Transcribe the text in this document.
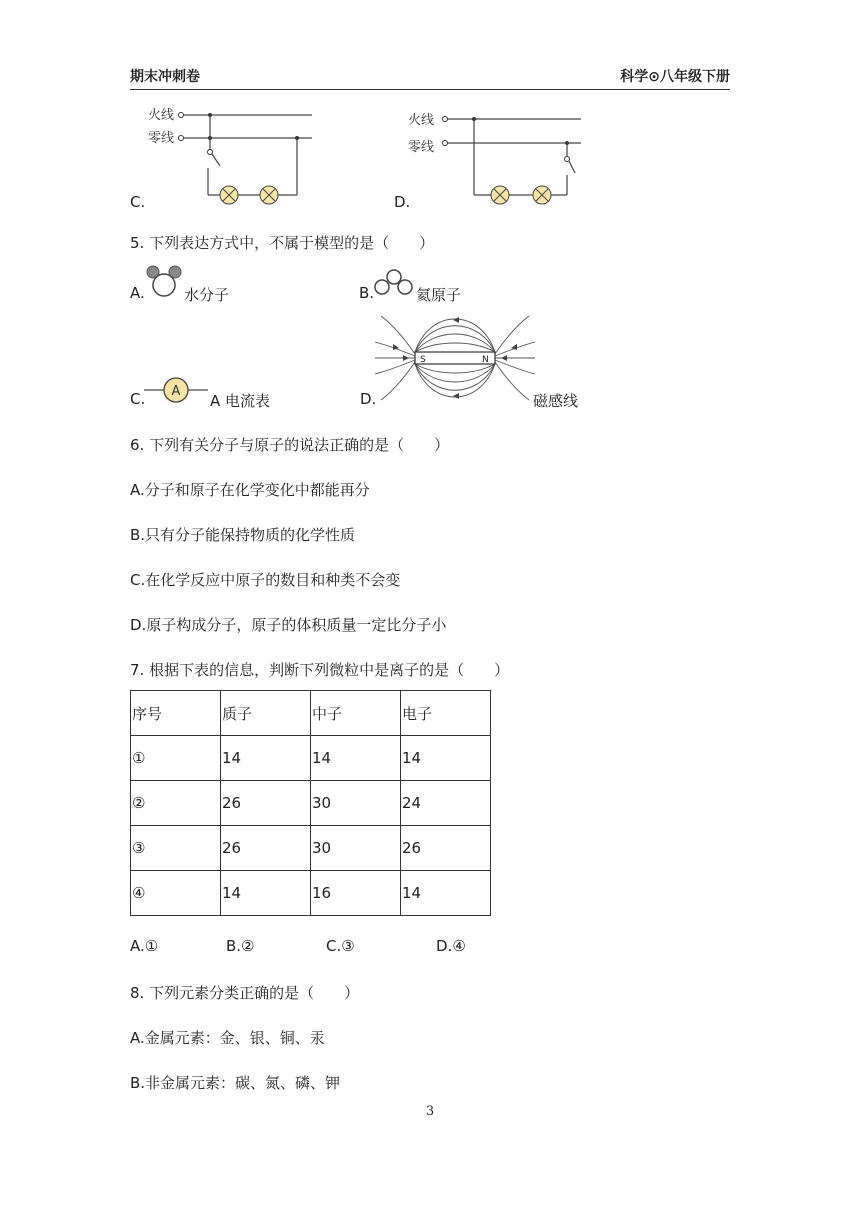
期末冲刺卷	科学⊙八年级下册
C.
火线
零线
D.
火线
零线
5. 下列表达方式中，不属于模型的是（　　）
A.	水分子	B.	氦原子
C. A
A 电流表	D.
S	N
磁感线
6. 下列有关分子与原子的说法正确的是（　　）
A.分子和原子在化学变化中都能再分
B.只有分子能保持物质的化学性质
C.在化学反应中原子的数目和种类不会变
D.原子构成分子，原子的体积质量一定比分子小
7. 根据下表的信息，判断下列微粒中是离子的是（　　）
序号	质子	中子	电子
①	14	14	14
②	26	30	24
③	26	30	26
④	14	16	14
A.①	B.②	C.③	D.④
8. 下列元素分类正确的是（　　）
A.金属元素：金、银、铜、汞
B.非金属元素：碳、氮、磷、钾
3
